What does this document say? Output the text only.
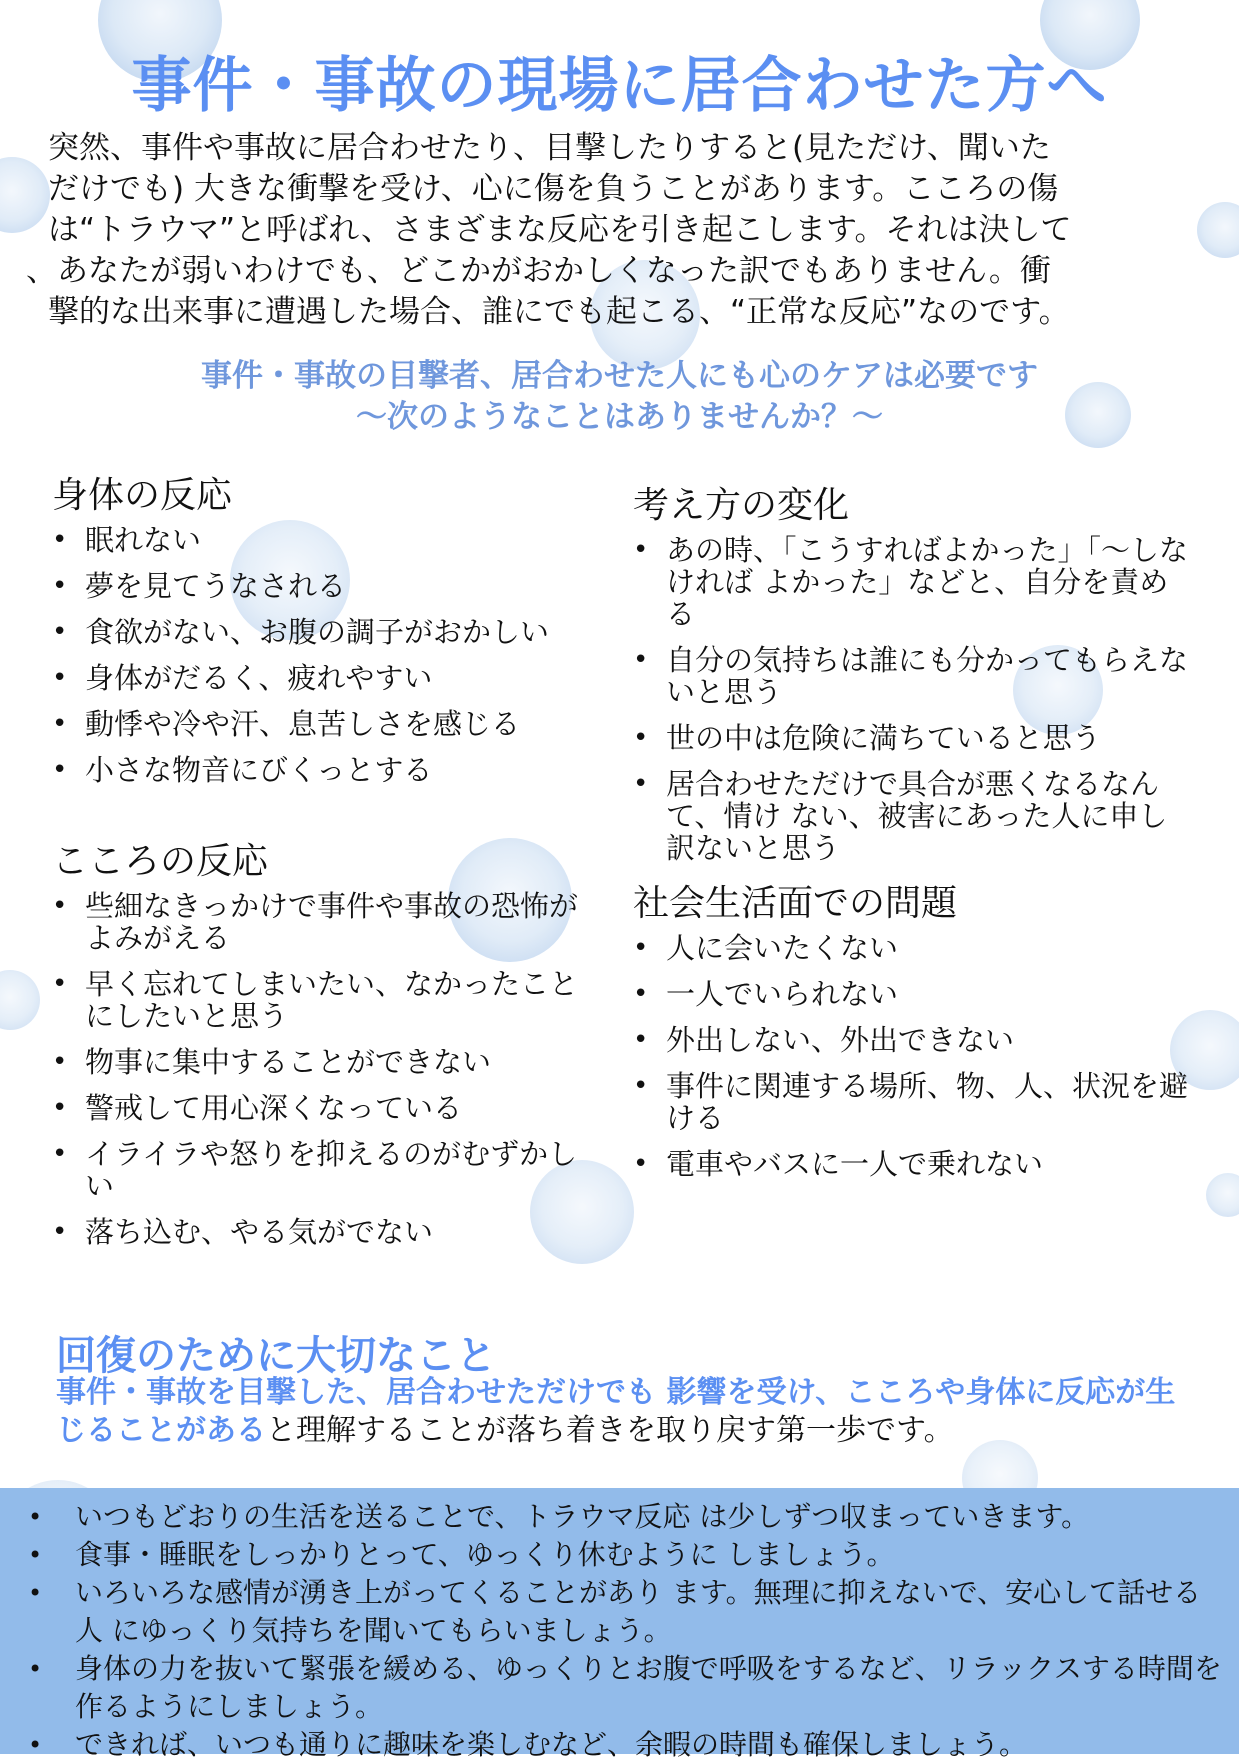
事件・事故の現場に居合わせた方へ
突然、事件や事故に居合わせたり、目撃したりすると(見ただけ、聞いた
だけでも) 大きな衝撃を受け、心に傷を負うことがあります。こころの傷
は“トラウマ”と呼ばれ、さまざまな反応を引き起こします。それは決して
、あなたが弱いわけでも、どこかがおかしくなった訳でもありません。衝
撃的な出来事に遭遇した場合、誰にでも起こる、“正常な反応”なのです。
事件・事故の目撃者、居合わせた人にも心のケアは必要です
～次のようなことはありませんか？～
身体の反応
• 眠れない
• 夢を見てうなされる
• 食欲がない、お腹の調子がおかしい
• 身体がだるく、疲れやすい
• 動悸や冷や汗、息苦しさを感じる
• 小さな物音にびくっとする
こころの反応
• 些細なきっかけで事件や事故の恐怖がよみがえる
• 早く忘れてしまいたい、なかったことにしたいと思う
• 物事に集中することができない
• 警戒して用心深くなっている
• イライラや怒りを抑えるのがむずかしい
• 落ち込む、やる気がでない
考え方の変化
• あの時、「こうすればよかった」「～しなければ よかった」などと、自分を責める
• 自分の気持ちは誰にも分かってもらえないと思う
• 世の中は危険に満ちていると思う
• 居合わせただけで具合が悪くなるなんて、情け ない、被害にあった人に申し訳ないと思う
社会生活面での問題
• 人に会いたくない
• 一人でいられない
• 外出しない、外出できない
• 事件に関連する場所、物、人、状況を避ける
• 電車やバスに一人で乗れない
回復のために大切なこと
事件・事故を目撃した、居合わせただけでも 影響を受け、こころや身体に反応が生じることがあると理解することが落ち着きを取り戻す第一歩です。
• いつもどおりの生活を送ることで、トラウマ反応 は少しずつ収まっていきます。
• 食事・睡眠をしっかりとって、ゆっくり休むように しましょう。
• いろいろな感情が湧き上がってくることがあり ます。無理に抑えないで、安心して話せる人 にゆっくり気持ちを聞いてもらいましょう。
• 身体の力を抜いて緊張を緩める、ゆっくりとお腹で呼吸をするなど、リラックスする時間を作るようにしましょう。
• できれば、いつも通りに趣味を楽しむなど、余暇の時間も確保しましょう。
